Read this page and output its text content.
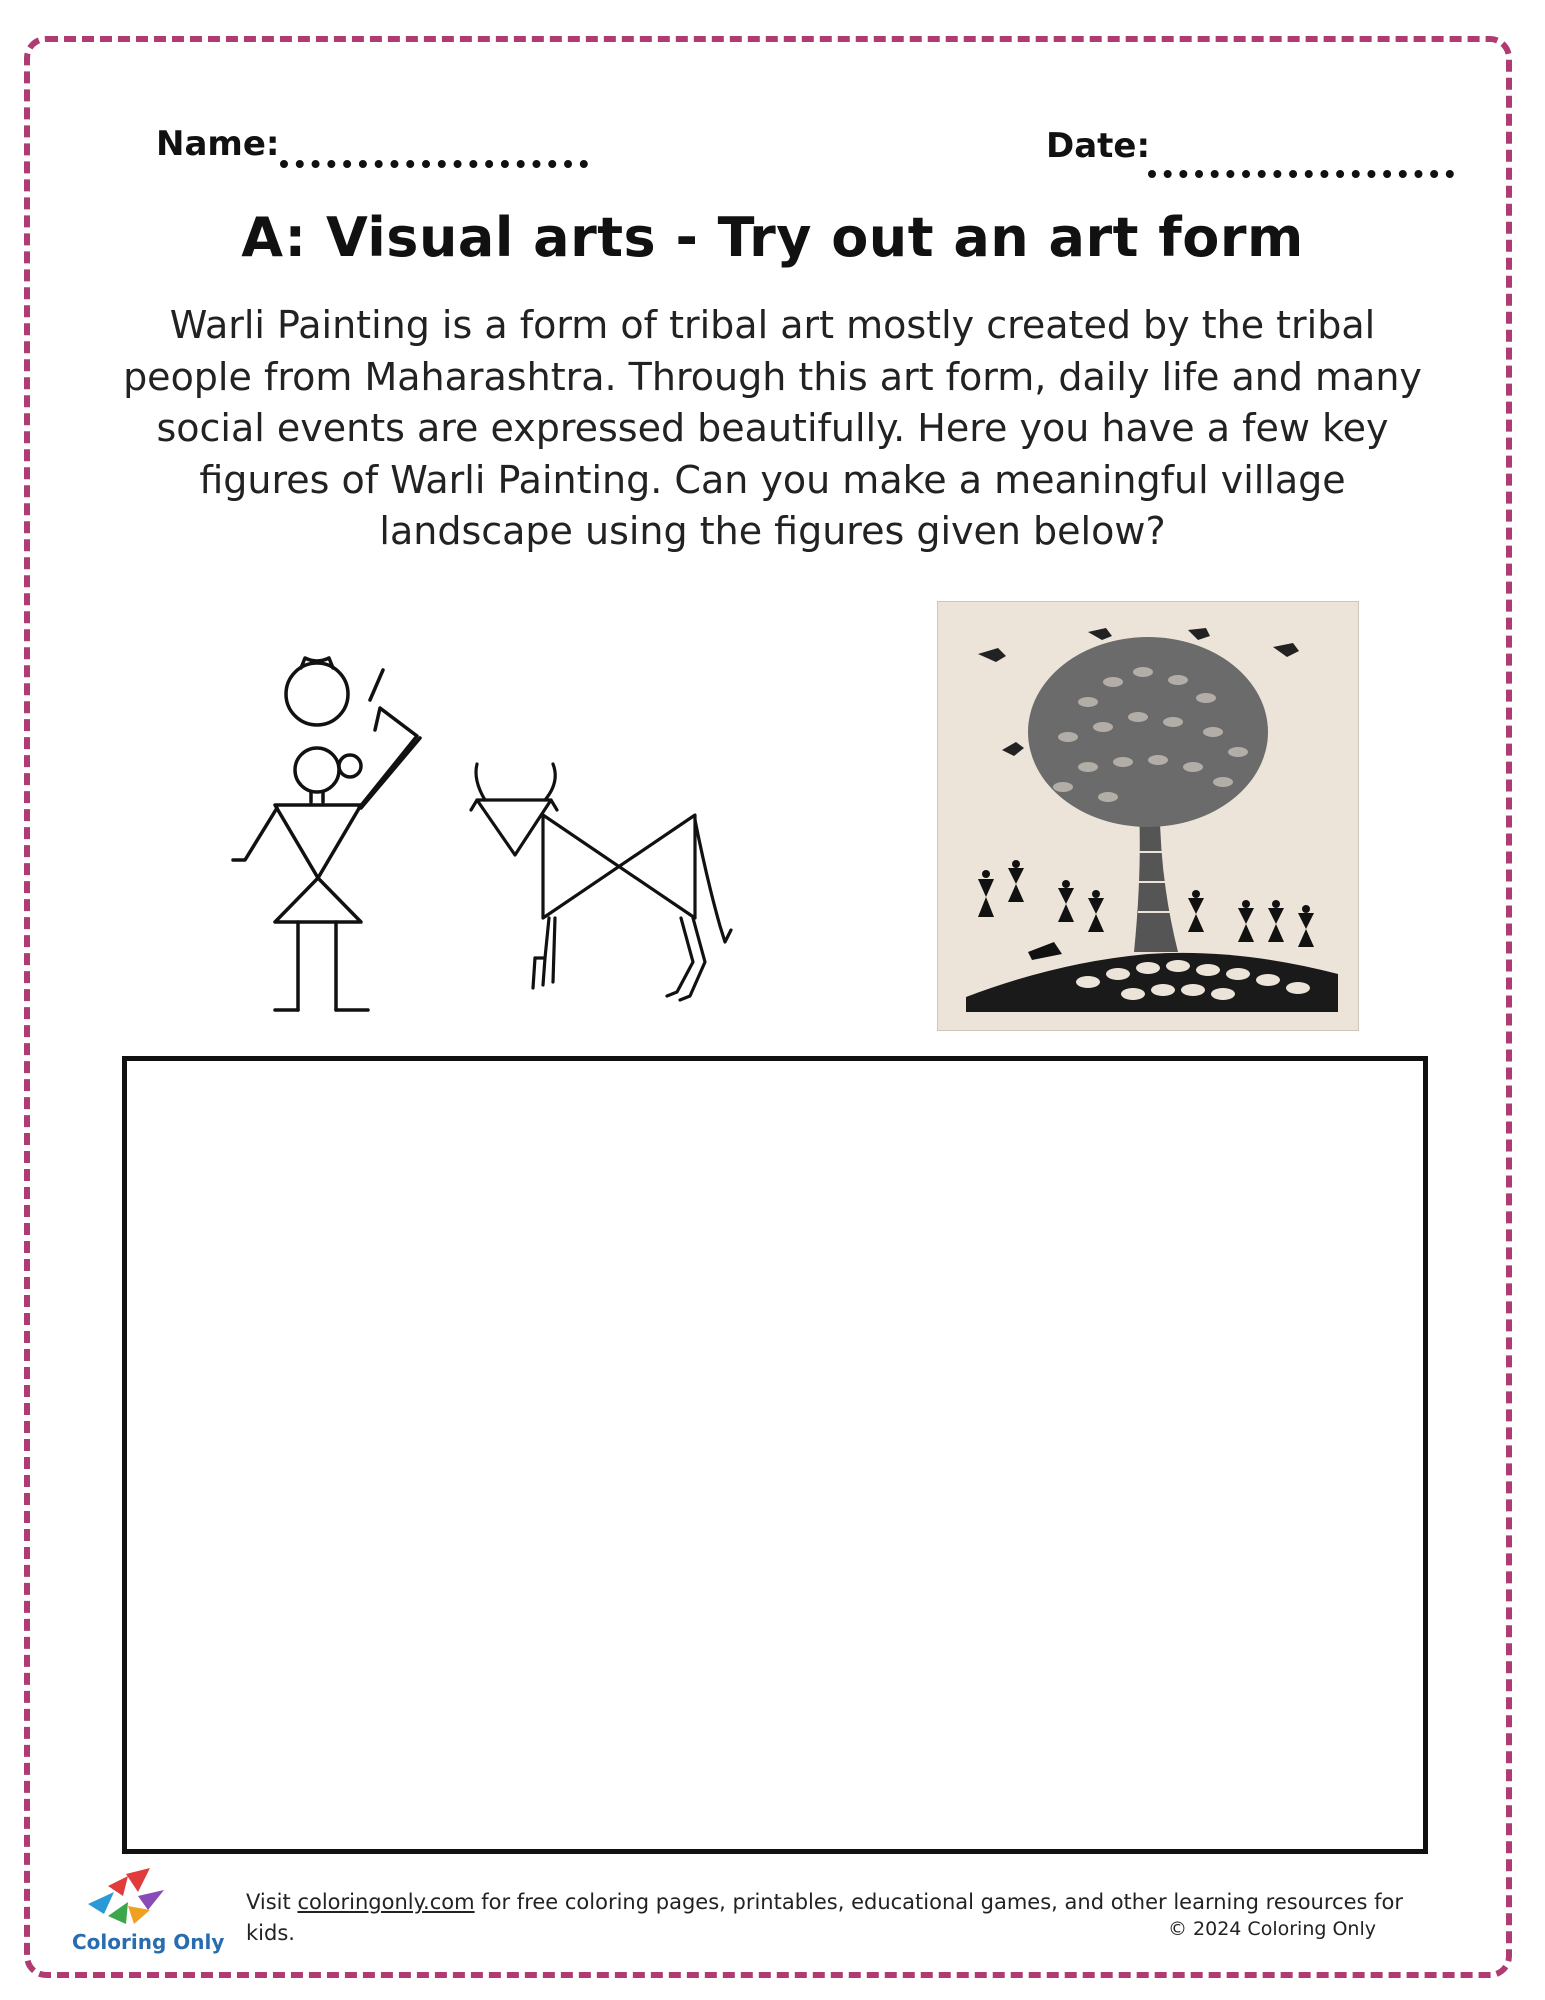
Name:	Date:
A: Visual arts - Try out an art form
Warli Painting is a form of tribal art mostly created by the tribal people from Maharashtra. Through this art form, daily life and many social events are expressed beautifully. Here you have a few key figures of Warli Painting. Can you make a meaningful village landscape using the figures given below?
Coloring Only
Visit coloringonly.com for free coloring pages, printables, educational games, and other learning resources for kids.	© 2024 Coloring Only
